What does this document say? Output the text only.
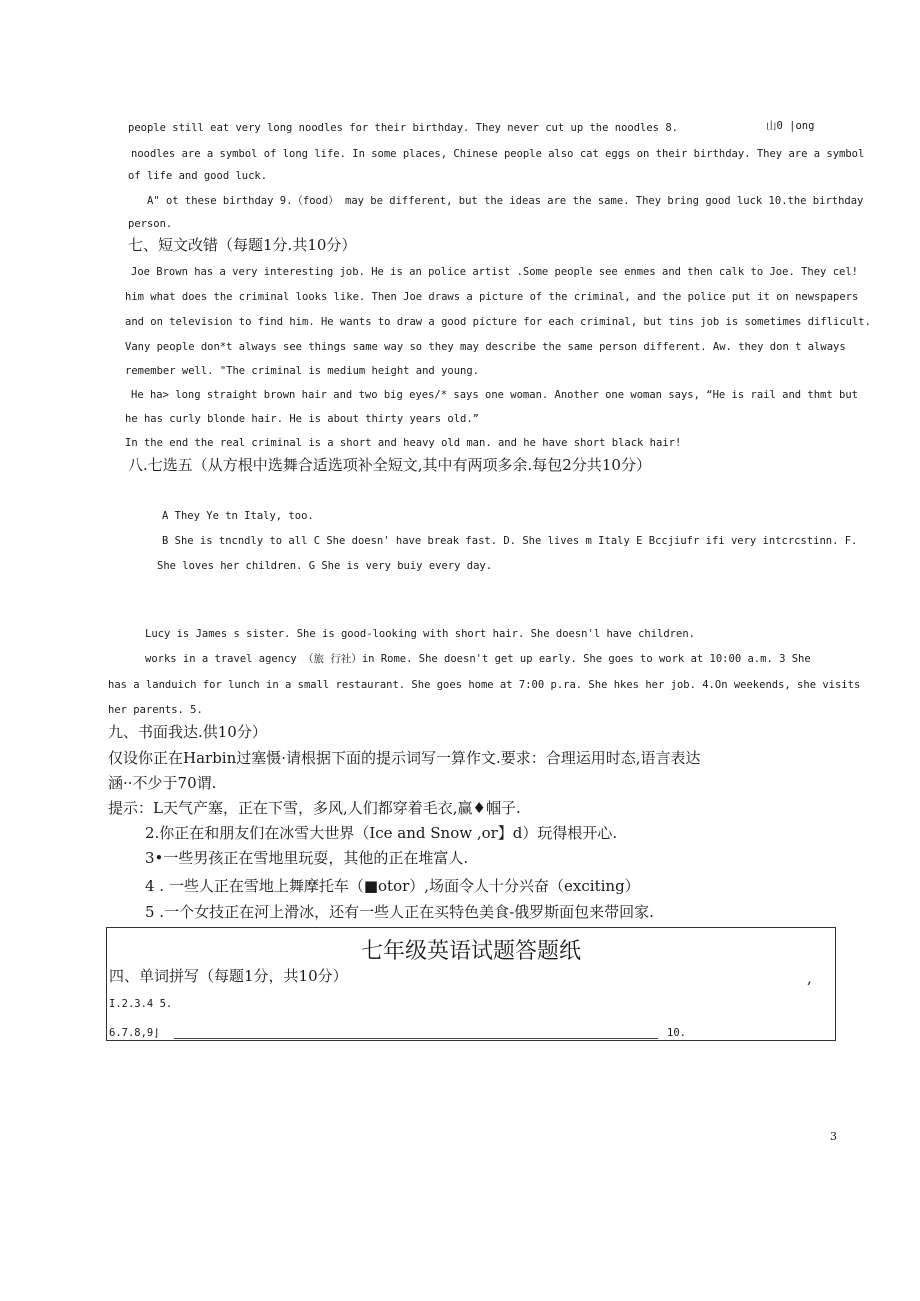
people still eat very long noodles for their birthday. They never cut up the noodles 8.	山0 |ong
noodles are a symbol of long life. In some places, Chinese people also cat eggs on their birthday. They are a symbol
of life and good luck.
A" ot these birthday 9.（food） may be different, but the ideas are the same. They bring good luck 10.the birthday
person.
七、短文改错（每题1分.共10分）
Joe Brown has a very interesting job. He is an police artist .Some people see enmes and then calk to Joe. They cel!
him what does the criminal looks like. Then Joe draws a picture of the criminal, and the police put it on newspapers
and on television to find him. He wants to draw a good picture for each criminal, but tins job is sometimes diflicult.
Vany people don*t always see things same way so they may describe the same person different. Aw. they don t always
remember well. "The criminal is medium height and young.
He ha> long straight brown hair and two big eyes/* says one woman. Another one woman says, “He is rail and thmt but
he has curly blonde hair. He is about thirty years old.”
In the end the real criminal is a short and heavy old man. and he have short black hair!
八.七选五（从方根中选舞合适选项补全短文,其中有两项多余.每包2分共10分）
A They Ye tn Italy, too.
B She is tncndly to all C She doesn' have break fast. D. She lives m Italy E Bccjiufr ifi very intcrcstinn. F.
She loves her children. G She is very buiy every day.
Lucy is James s sister. She is good-looking with short hair. She doesn'l have children.
works in a travel agency （旅 行社）in Rome. She doesn't get up early. She goes to work at 10:00 a.m. 3 She
has a landuich for lunch in a small restaurant. She goes home at 7:00 p.ra. She hkes her job. 4.On weekends, she visits
her parents. 5.
九、书面我达.供10分）
仅设你正在Harbin过塞慑·请根据下面的提示词写一算作文.要求：合理运用时态,语言表达
涵··不少于70谓.
提示：L天气产塞，正在下雪，多风,人们都穿着毛衣,赢♦帼子.
2.你正在和朋友们在冰雪大世界（Ice and Snow ,or】d）玩得根开心.
3•一些男孩正在雪地里玩耍，其他的正在堆富人.
4 . 一些人正在雪地上舞摩托车（■otor）,场面令人十分兴奋（exciting）
5 .一个女技正在河上滑冰，还有一些人正在买特色美食-俄罗斯面包来带回家.
七年级英语试题答题纸
四、单词拼写（每题1分，共10分）	,
I.2.3.4 5.
6.7.8,9⌋	10.
3
